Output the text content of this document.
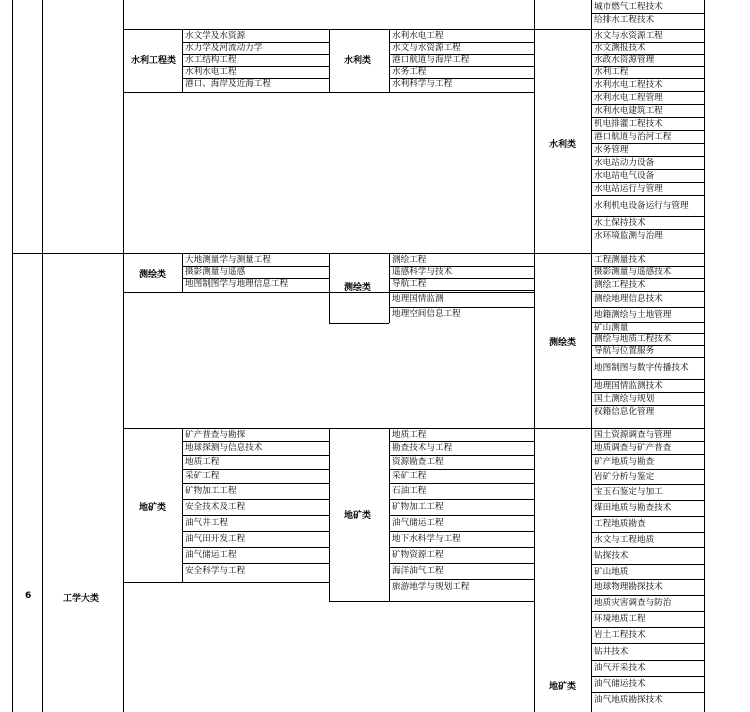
6	工学大类
城市燃气工程技术
给排水工程技术
水利工程类	水利类
水利类
测绘类
测绘类
测绘类
地矿类
地矿类
地矿类
水文学及水资源
水力学及河流动力学
水工结构工程
水利水电工程
港口、海岸及近海工程
水利水电工程
水文与水资源工程
港口航道与海岸工程
水务工程
水利科学与工程
水文与水资源工程
水文测报技术
水政水资源管理
水利工程
水利水电工程技术
水利水电工程管理
水利水电建筑工程
机电排灌工程技术
港口航道与治河工程
水务管理
水电站动力设备
水电站电气设备
水电站运行与管理
水利机电设备运行与管理
水土保持技术
水环境监测与治理
大地测量学与测量工程
摄影测量与遥感
地图制图学与地理信息工程
测绘工程
遥感科学与技术
导航工程
地理国情监测
地理空间信息工程
工程测量技术
摄影测量与遥感技术
测绘工程技术
测绘地理信息技术
地籍测绘与土地管理
矿山测量
测绘与地质工程技术
导航与位置服务
地图制图与数字传播技术
地理国情监测技术
国土测绘与规划
权籍信息化管理
矿产普查与勘探
地球探测与信息技术
地质工程
采矿工程
矿物加工工程
安全技术及工程
油气井工程
油气田开发工程
油气储运工程
安全科学与工程
地质工程
勘查技术与工程
资源勘查工程
采矿工程
石油工程
矿物加工工程
油气储运工程
地下水科学与工程
矿物资源工程
海洋油气工程
旅游地学与规划工程
国土资源调查与管理
地质调查与矿产普查
矿产地质与勘查
岩矿分析与鉴定
宝玉石鉴定与加工
煤田地质与勘查技术
工程地质勘查
水文与工程地质
钻探技术
矿山地质
地球物理勘探技术
地质灾害调查与防治
环境地质工程
岩土工程技术
钻井技术
油气开采技术
油气储运技术
油气地质勘探技术
